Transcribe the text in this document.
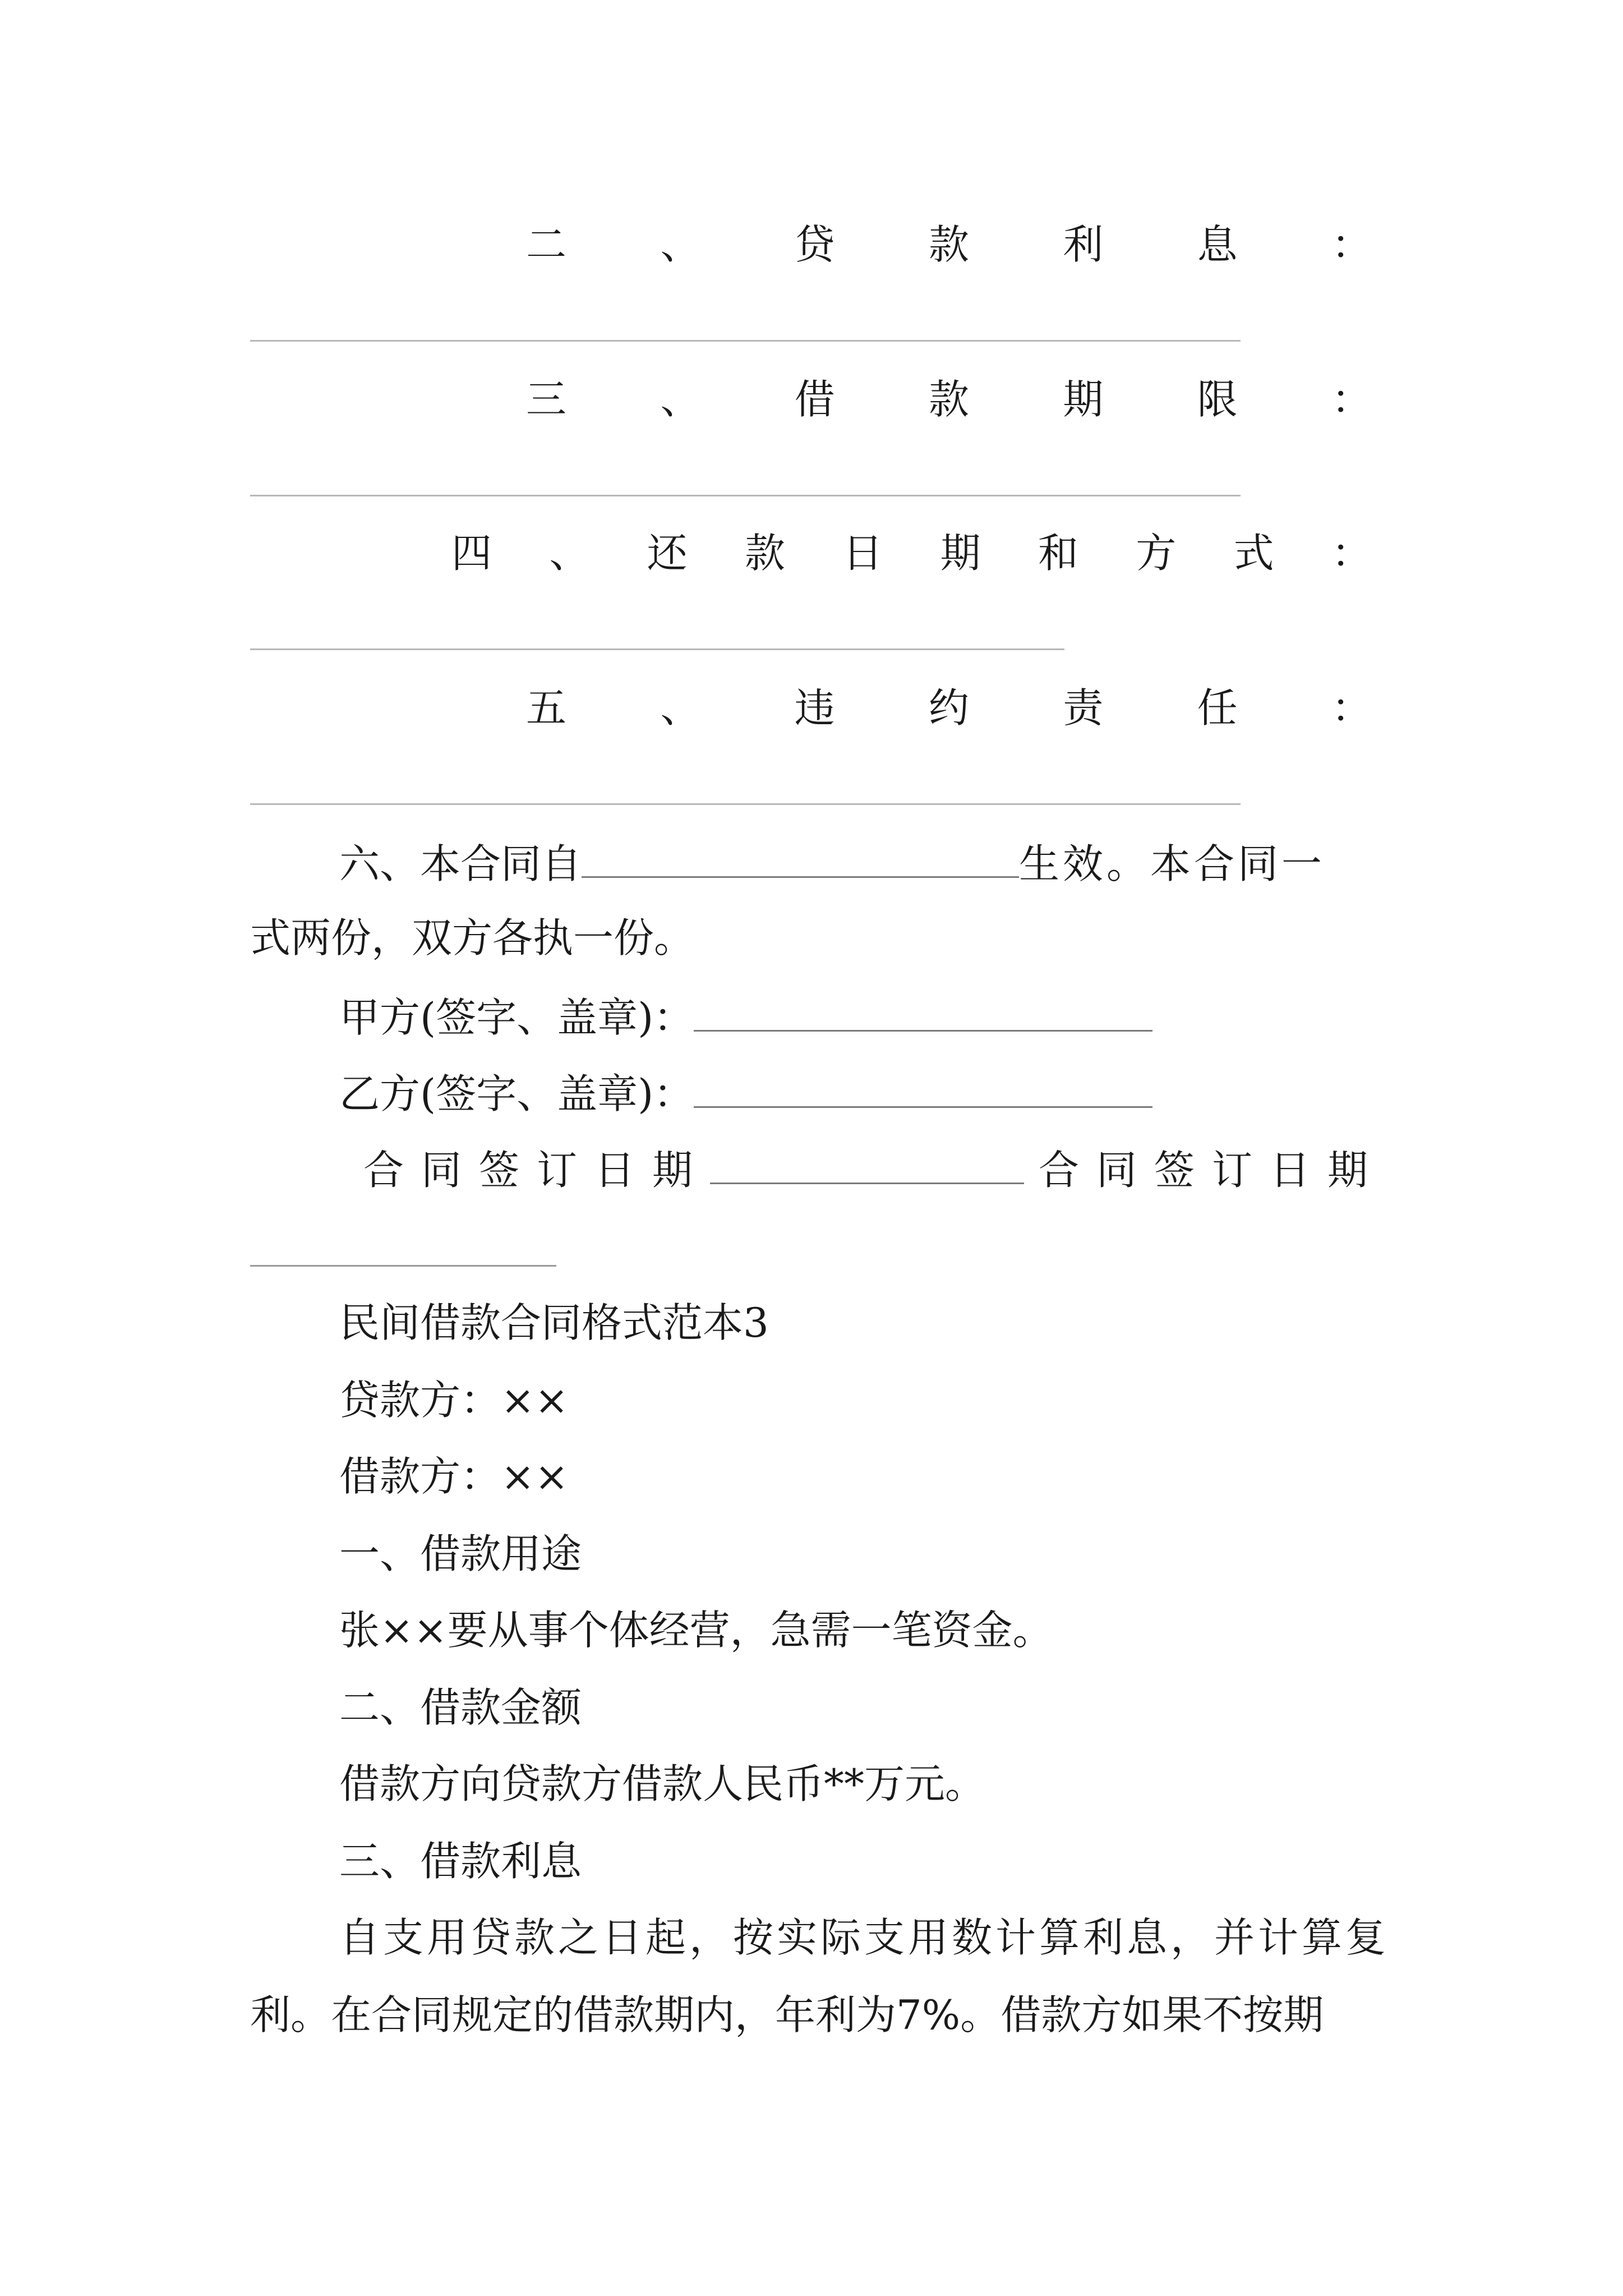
二 、 贷 款 利 息 ：
三 、 借 款 期 限 ：
四 、 还 款 日 期 和 方 式 ：
五 、 违 约 责 任 ：
六、本合同自	生效。本合同一
式两份，双方各执一份。
甲方(签字、盖章)：
乙方(签字、盖章)：
合同签订日期	合同签订日期
民间借款合同格式范本3
贷款方：××
借款方：××
一、借款用途
张××要从事个体经营，急需一笔资金。
二、借款金额
借款方向贷款方借款人民币**万元。
三、借款利息
自支用贷款之日起，按实际支用数计算利息，并计算复
利。在合同规定的借款期内，年利为7%。借款方如果不按期
